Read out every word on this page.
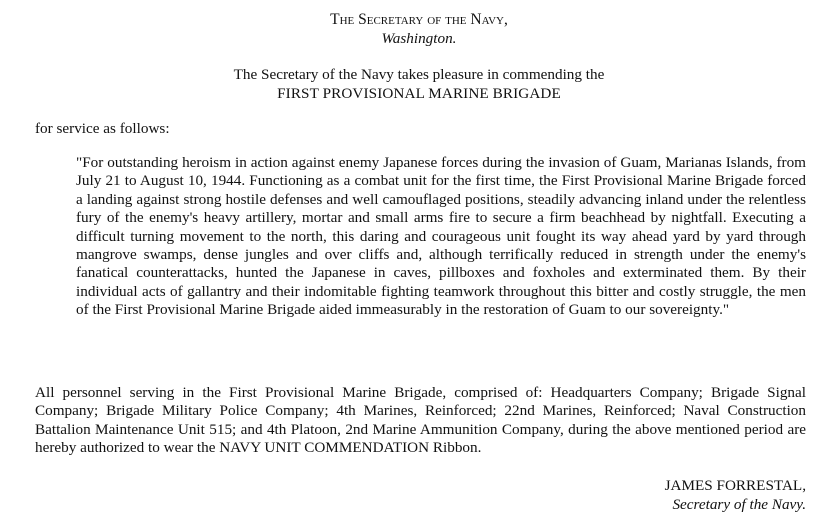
The Secretary of the Navy,
Washington.
The Secretary of the Navy takes pleasure in commending the
FIRST PROVISIONAL MARINE BRIGADE
for service as follows:
"For outstanding heroism in action against enemy Japanese forces during the invasion of Guam, Marianas Islands, from July 21 to August 10, 1944. Functioning as a combat unit for the first time, the First Provisional Marine Brigade forced a landing against strong hostile defenses and well camouflaged positions, steadily advancing inland under the relentless fury of the enemy's heavy artillery, mortar and small arms fire to secure a firm beachhead by nightfall. Executing a difficult turning movement to the north, this daring and courageous unit fought its way ahead yard by yard through mangrove swamps, dense jungles and over cliffs and, although terrifically reduced in strength under the enemy's fanatical counterattacks, hunted the Japanese in caves, pillboxes and foxholes and exterminated them. By their individual acts of gallantry and their indomitable fighting teamwork throughout this bitter and costly struggle, the men of the First Provisional Marine Brigade aided immeasurably in the restoration of Guam to our sovereignty."
All personnel serving in the First Provisional Marine Brigade, comprised of: Headquarters Company; Brigade Signal Company; Brigade Military Police Company; 4th Marines, Reinforced; 22nd Marines, Reinforced; Naval Construction Battalion Maintenance Unit 515; and 4th Platoon, 2nd Marine Ammunition Company, during the above mentioned period are hereby authorized to wear the NAVY UNIT COMMENDATION Ribbon.
JAMES FORRESTAL,
Secretary of the Navy.
